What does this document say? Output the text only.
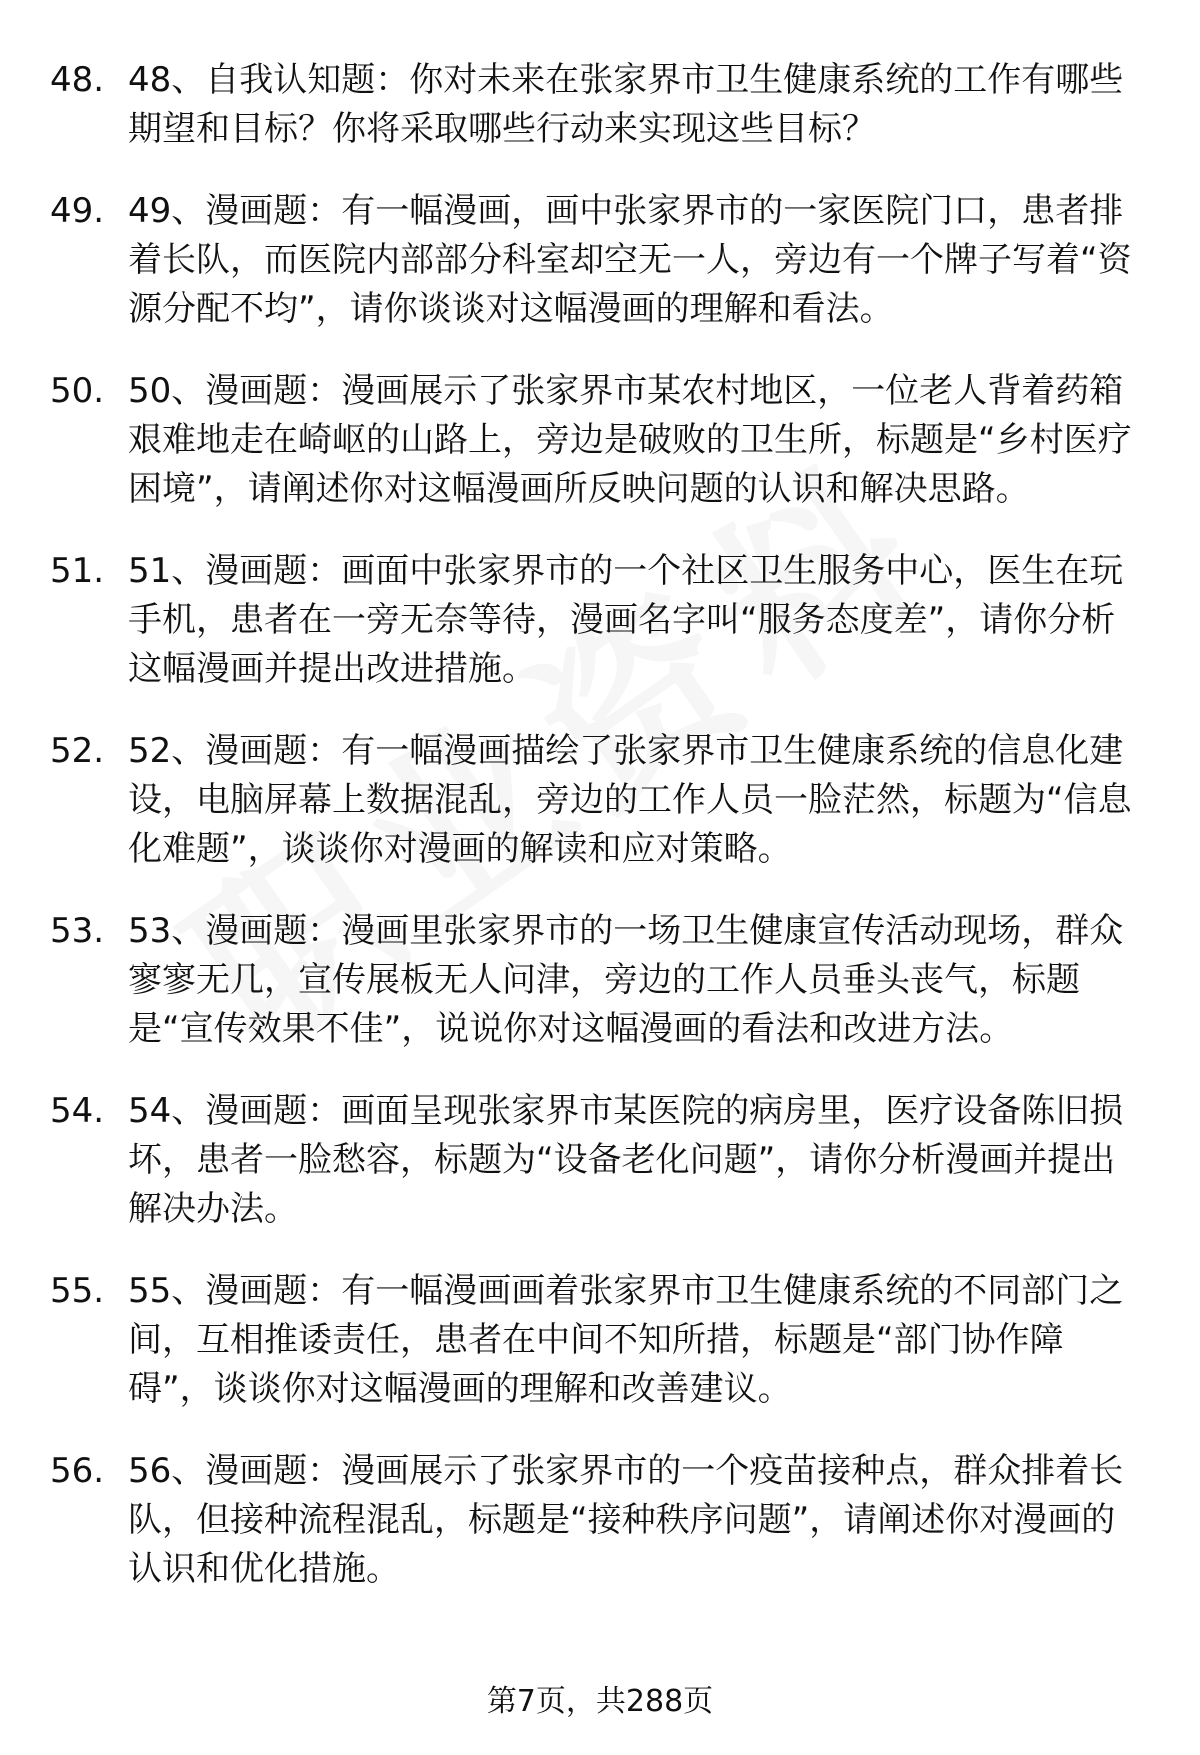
48. 48、自我认知题：你对未来在张家界市卫生健康系统的工作有哪些期望和目标？你将采取哪些行动来实现这些目标？
49. 49、漫画题：有一幅漫画，画中张家界市的一家医院门口，患者排着长队，而医院内部部分科室却空无一人，旁边有一个牌子写着“资源分配不均”，请你谈谈对这幅漫画的理解和看法。
50. 50、漫画题：漫画展示了张家界市某农村地区，一位老人背着药箱艰难地走在崎岖的山路上，旁边是破败的卫生所，标题是“乡村医疗困境”，请阐述你对这幅漫画所反映问题的认识和解决思路。
51. 51、漫画题：画面中张家界市的一个社区卫生服务中心，医生在玩手机，患者在一旁无奈等待，漫画名字叫“服务态度差”，请你分析这幅漫画并提出改进措施。
52. 52、漫画题：有一幅漫画描绘了张家界市卫生健康系统的信息化建设，电脑屏幕上数据混乱，旁边的工作人员一脸茫然，标题为“信息化难题”，谈谈你对漫画的解读和应对策略。
53. 53、漫画题：漫画里张家界市的一场卫生健康宣传活动现场，群众寥寥无几，宣传展板无人问津，旁边的工作人员垂头丧气，标题是“宣传效果不佳”，说说你对这幅漫画的看法和改进方法。
54. 54、漫画题：画面呈现张家界市某医院的病房里，医疗设备陈旧损坏，患者一脸愁容，标题为“设备老化问题”，请你分析漫画并提出解决办法。
55. 55、漫画题：有一幅漫画画着张家界市卫生健康系统的不同部门之间，互相推诿责任，患者在中间不知所措，标题是“部门协作障碍”，谈谈你对这幅漫画的理解和改善建议。
56. 56、漫画题：漫画展示了张家界市的一个疫苗接种点，群众排着长队，但接种流程混乱，标题是“接种秩序问题”，请阐述你对漫画的认识和优化措施。
第7页，共288页
